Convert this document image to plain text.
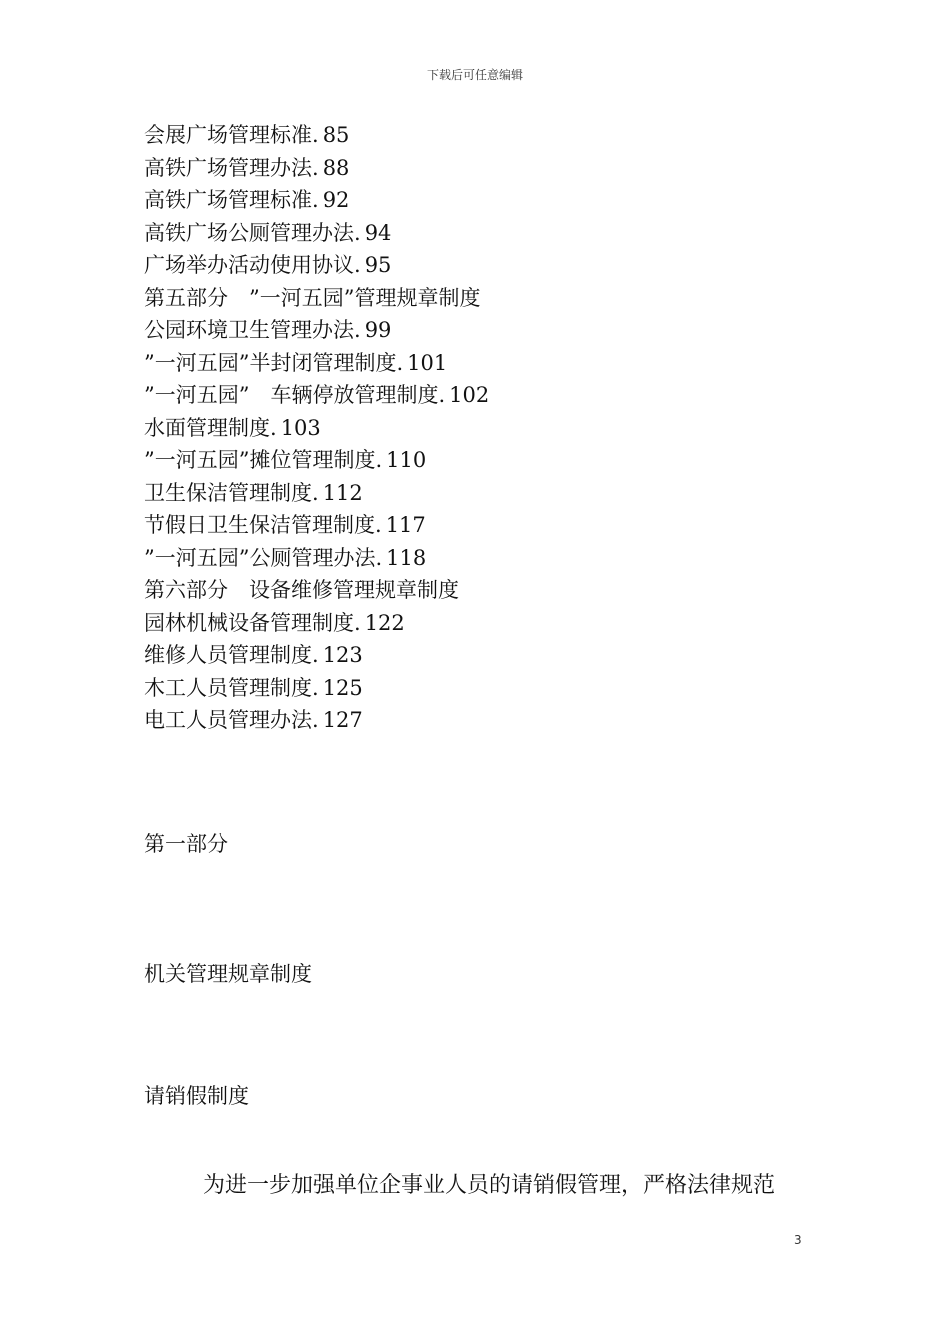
下载后可任意编辑
会展广场管理标准. 85
高铁广场管理办法. 88
高铁广场管理标准. 92
高铁广场公厕管理办法. 94
广场举办活动使用协议. 95
第五部分　”一河五园”管理规章制度
公园环境卫生管理办法. 99
”一河五园”半封闭管理制度. 101
”一河五园”　车辆停放管理制度. 102
水面管理制度. 103
”一河五园”摊位管理制度. 110
卫生保洁管理制度. 112
节假日卫生保洁管理制度. 117
”一河五园”公厕管理办法. 118
第六部分　设备维修管理规章制度
园林机械设备管理制度. 122
维修人员管理制度. 123
木工人员管理制度. 125
电工人员管理办法. 127
第一部分
机关管理规章制度
请销假制度
为进一步加强单位企事业人员的请销假管理，严格法律规范
3
